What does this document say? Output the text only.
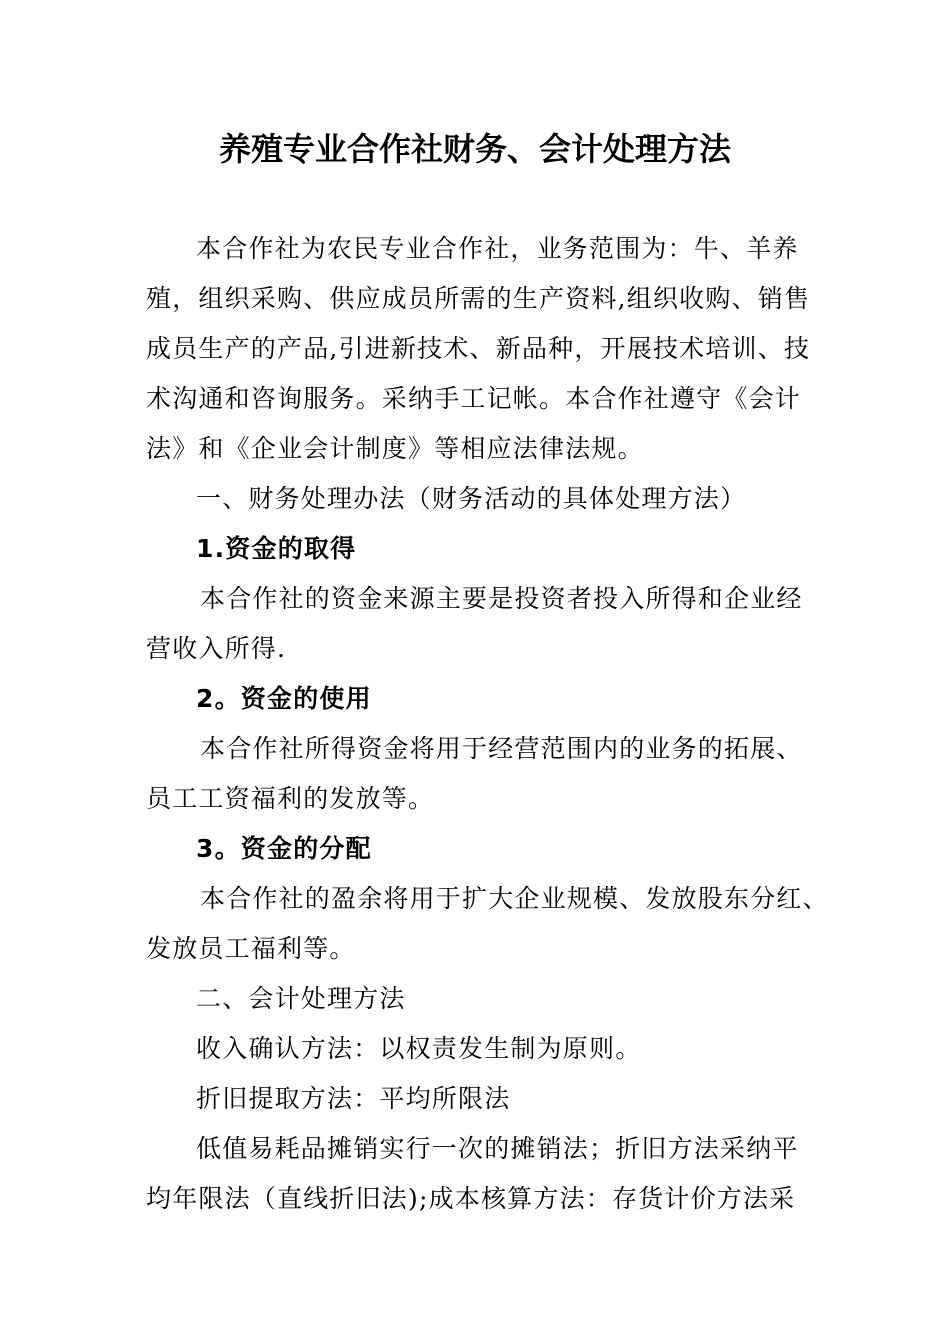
养殖专业合作社财务、会计处理方法
本合作社为农民专业合作社，业务范围为：牛、羊养
殖，组织采购、供应成员所需的生产资料,组织收购、销售
成员生产的产品,引进新技术、新品种，开展技术培训、技
术沟通和咨询服务。采纳手工记帐。本合作社遵守《会计
法》和《企业会计制度》等相应法律法规。
一、财务处理办法（财务活动的具体处理方法）
1.资金的取得
本合作社的资金来源主要是投资者投入所得和企业经
营收入所得.
2。资金的使用
本合作社所得资金将用于经营范围内的业务的拓展、
员工工资福利的发放等。
3。资金的分配
本合作社的盈余将用于扩大企业规模、发放股东分红、
发放员工福利等。
二、会计处理方法
收入确认方法：以权责发生制为原则。
折旧提取方法：平均所限法
低值易耗品摊销实行一次的摊销法；折旧方法采纳平
均年限法（直线折旧法);成本核算方法：存货计价方法采
